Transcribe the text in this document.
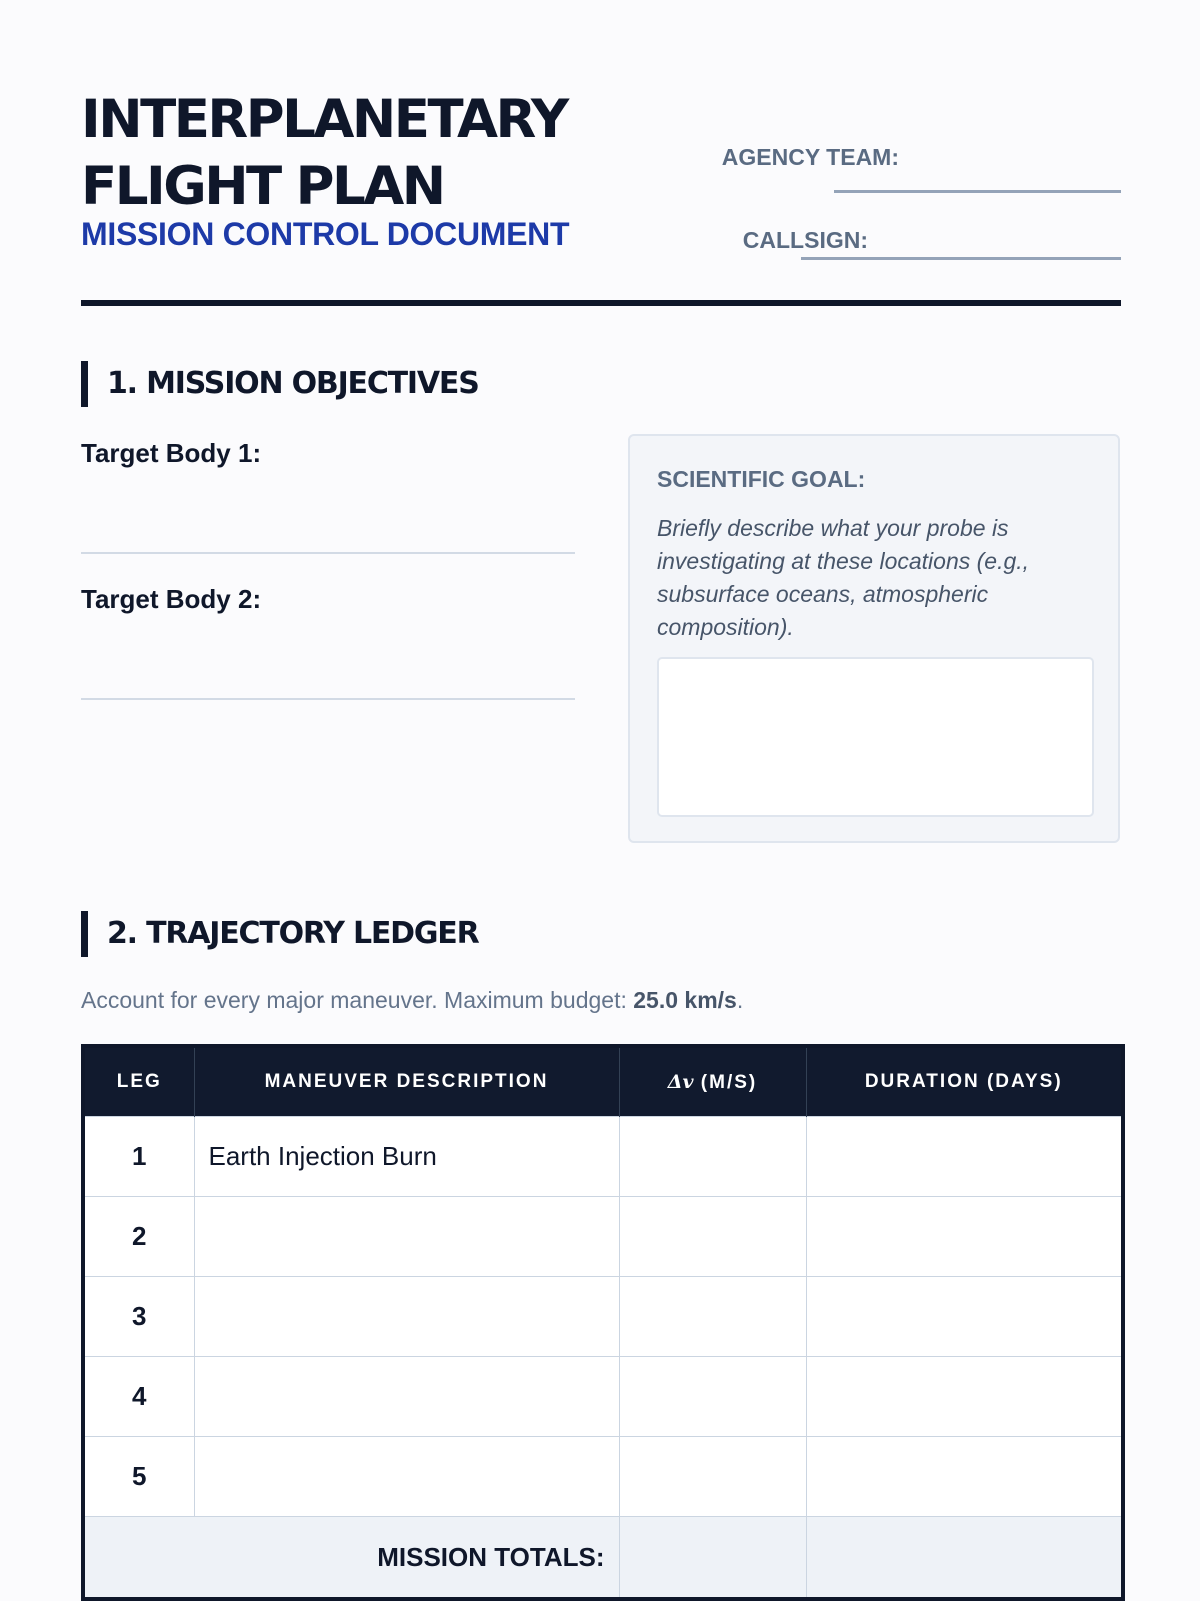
INTERPLANETARY
FLIGHT PLAN
MISSION CONTROL DOCUMENT
AGENCY TEAM:
CALLSIGN:
1. MISSION OBJECTIVES
Target Body 1:
Target Body 2:
SCIENTIFIC GOAL:
Briefly describe what your probe is investigating at these locations (e.g., subsurface oceans, atmospheric composition).
2. TRAJECTORY LEDGER
Account for every major maneuver. Maximum budget: 25.0 km/s.
LEG	MANEUVER DESCRIPTION	Δv (M/S)	DURATION (DAYS)
1	Earth Injection Burn		
2			
3			
4			
5			
MISSION TOTALS:			
